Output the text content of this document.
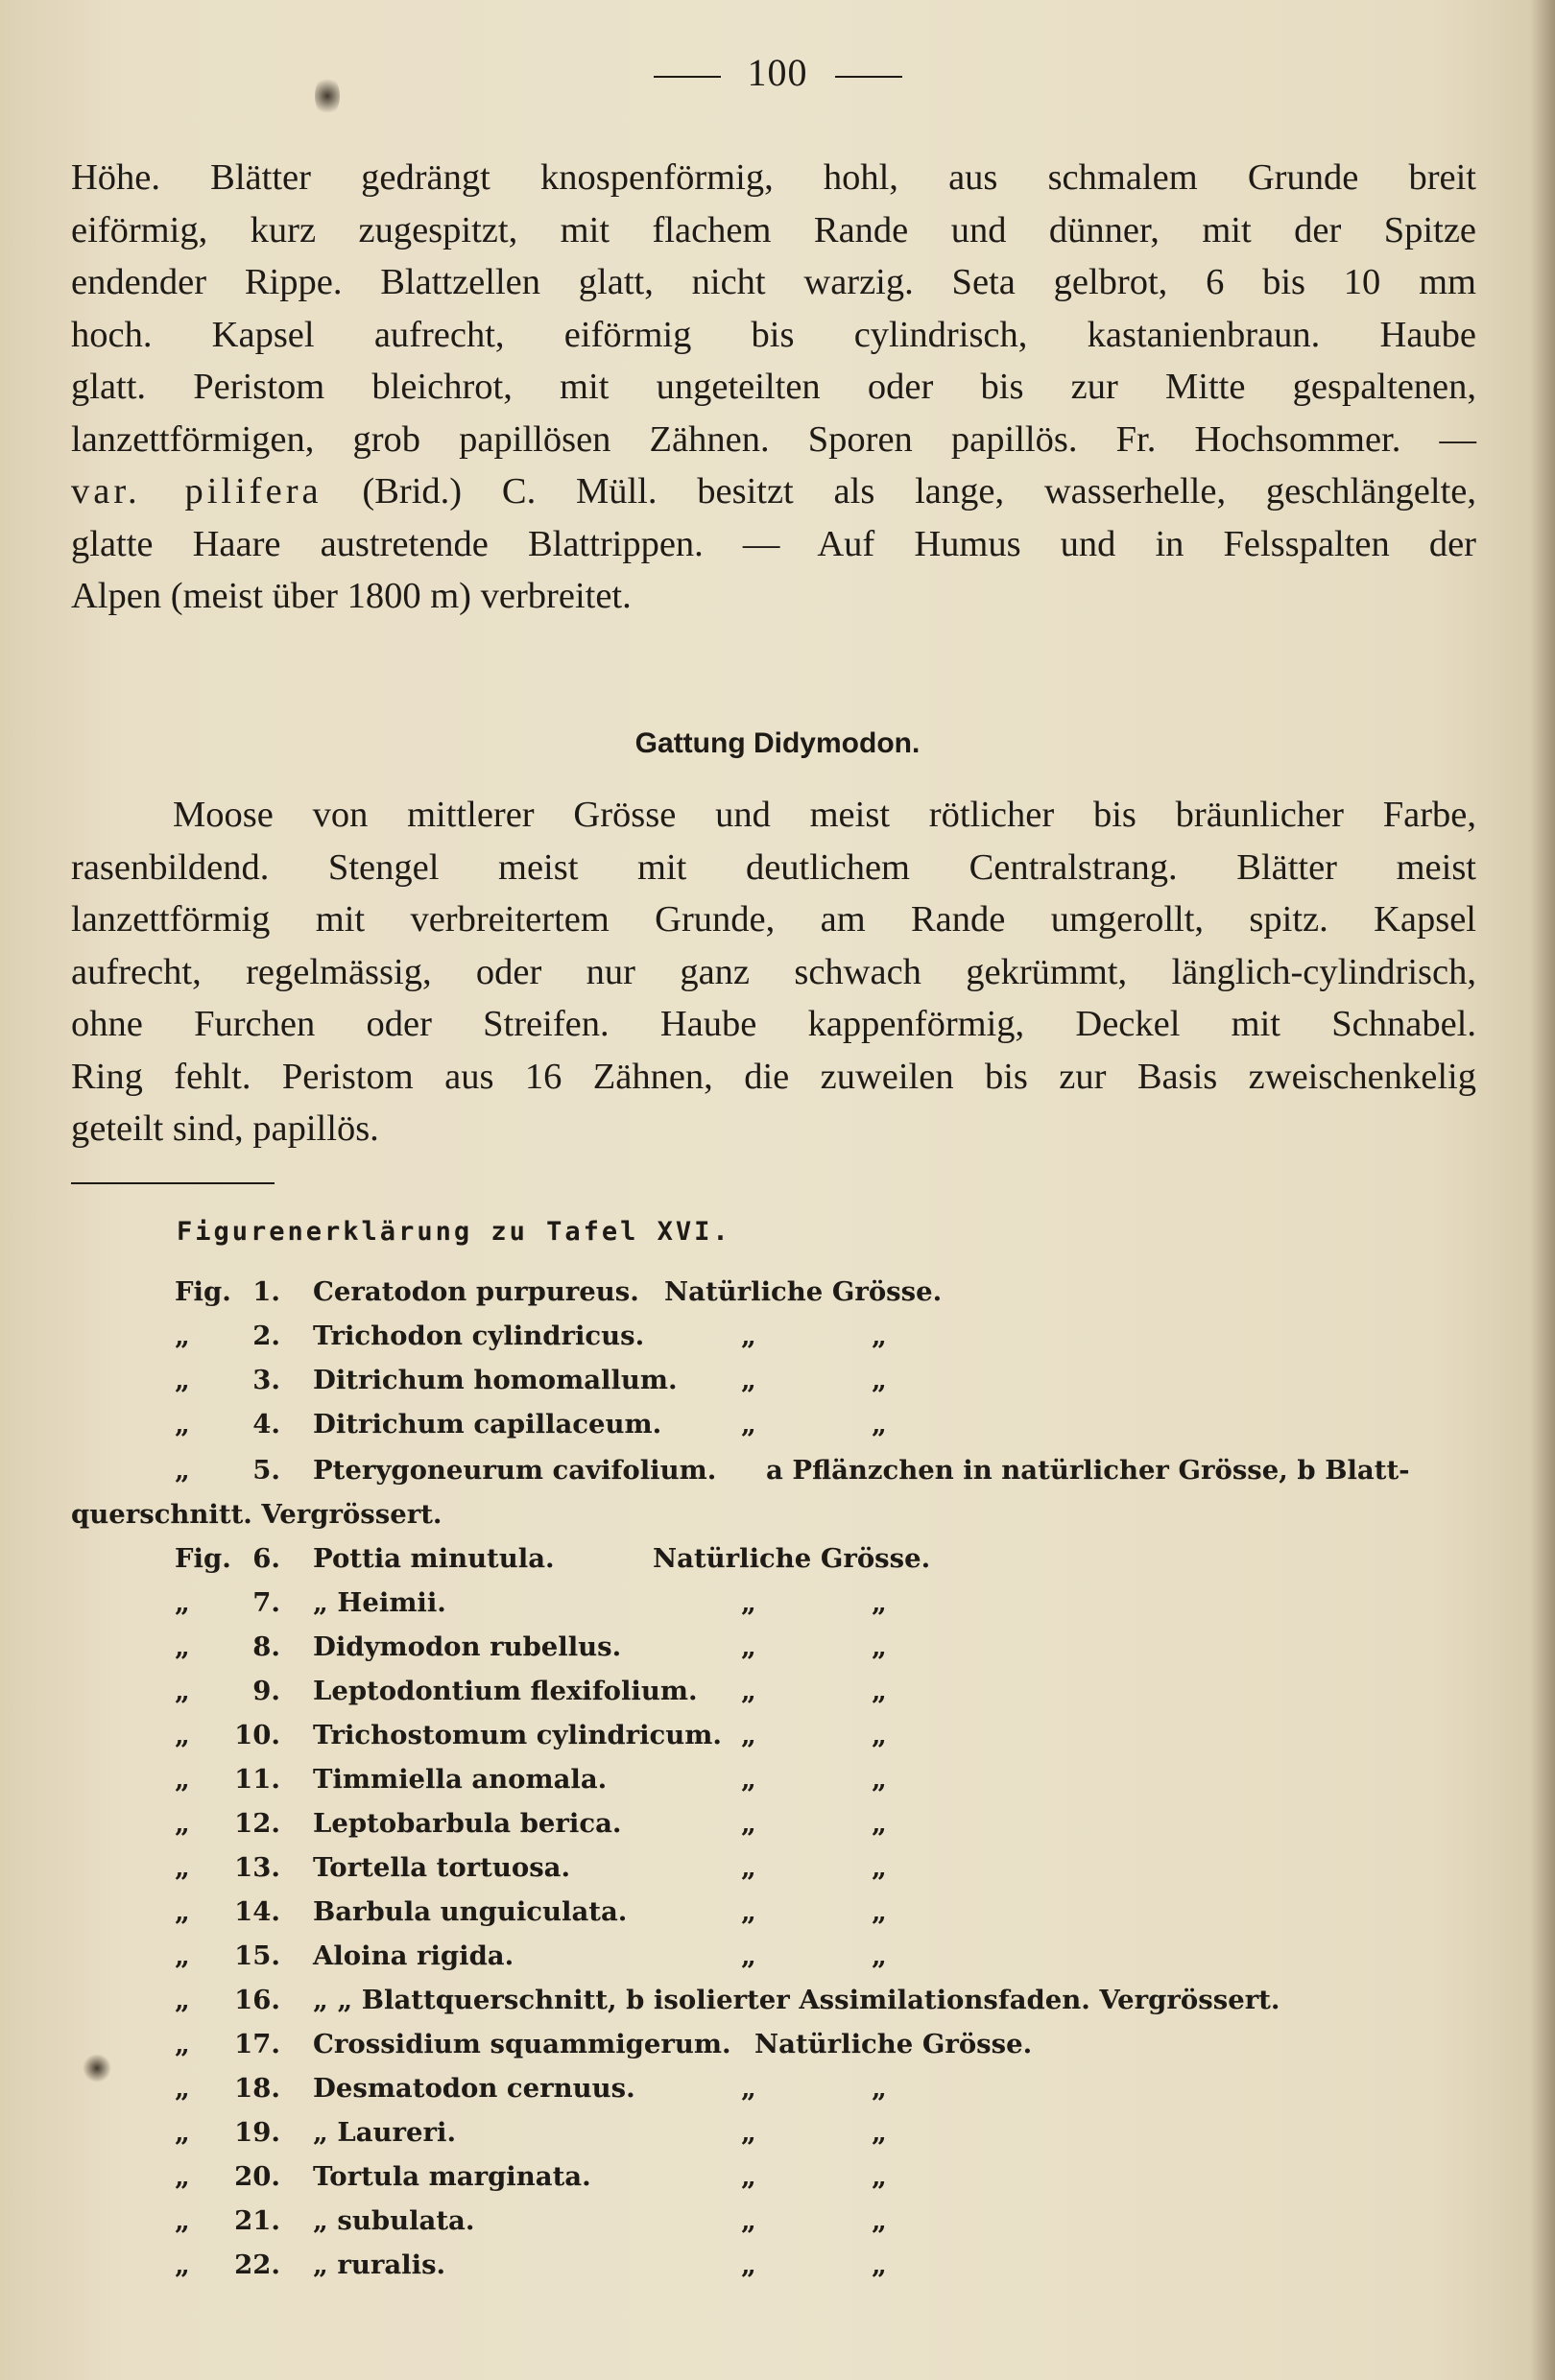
100
Höhe. Blätter gedrängt knospenförmig, hohl, aus schmalem Grunde breit
eiförmig, kurz zugespitzt, mit flachem Rande und dünner, mit der Spitze
endender Rippe. Blattzellen glatt, nicht warzig. Seta gelbrot, 6 bis 10 mm
hoch. Kapsel aufrecht, eiförmig bis cylindrisch, kastanienbraun. Haube
glatt. Peristom bleichrot, mit ungeteilten oder bis zur Mitte gespaltenen,
lanzettförmigen, grob papillösen Zähnen. Sporen papillös. Fr. Hochsommer. —
var. pilifera (Brid.) C. Müll. besitzt als lange, wasserhelle, geschlängelte,
glatte Haare austretende Blattrippen. — Auf Humus und in Felsspalten der
Alpen (meist über 1800 m) verbreitet.
Gattung Didymodon.
Moose von mittlerer Grösse und meist rötlicher bis bräunlicher Farbe,
rasenbildend. Stengel meist mit deutlichem Centralstrang. Blätter meist
lanzettförmig mit verbreitertem Grunde, am Rande umgerollt, spitz. Kapsel
aufrecht, regelmässig, oder nur ganz schwach gekrümmt, länglich-cylindrisch,
ohne Furchen oder Streifen. Haube kappenförmig, Deckel mit Schnabel.
Ring fehlt. Peristom aus 16 Zähnen, die zuweilen bis zur Basis zweischenkelig
geteilt sind, papillös.
Figurenerklärung zu Tafel XVI.
Fig. 1. Ceratodon purpureus. Natürliche Grösse.
„	2. Trichodon cylindricus.	„	„
„	3. Ditrichum homomallum. „	„
„	4. Ditrichum capillaceum.	„	„
„	5. Pterygoneurum cavifolium. a Pflänzchen in natürlicher Grösse, b Blatt-
Fig. 6. Pottia minutula.	Natürliche Grösse.
„	7. „ Heimii.	„	„
„	8. Didymodon rubellus.	„	„
„	9. Leptodontium flexifolium. „	„
„ 10. Trichostomum cylindricum. „	„
„ 11. Timmiella anomala.	„	„
„ 12. Leptobarbula berica.	„	„
„ 13. Tortella tortuosa.	„	„
„ 14. Barbula unguiculata.	„	„
„ 15. Aloina rigida.	„	„
„ 16. „ „ Blattquerschnitt, b isolierter Assimilationsfaden. Vergrössert.
„ 17. Crossidium squammigerum. Natürliche Grösse.
„ 18. Desmatodon cernuus.	„	„
„ 19. „ Laureri.	„	„
„ 20. Tortula marginata.	„	„
„ 21. „ subulata.	„	„
„ 22. „ ruralis.	„	„
querschnitt. Vergrössert.
